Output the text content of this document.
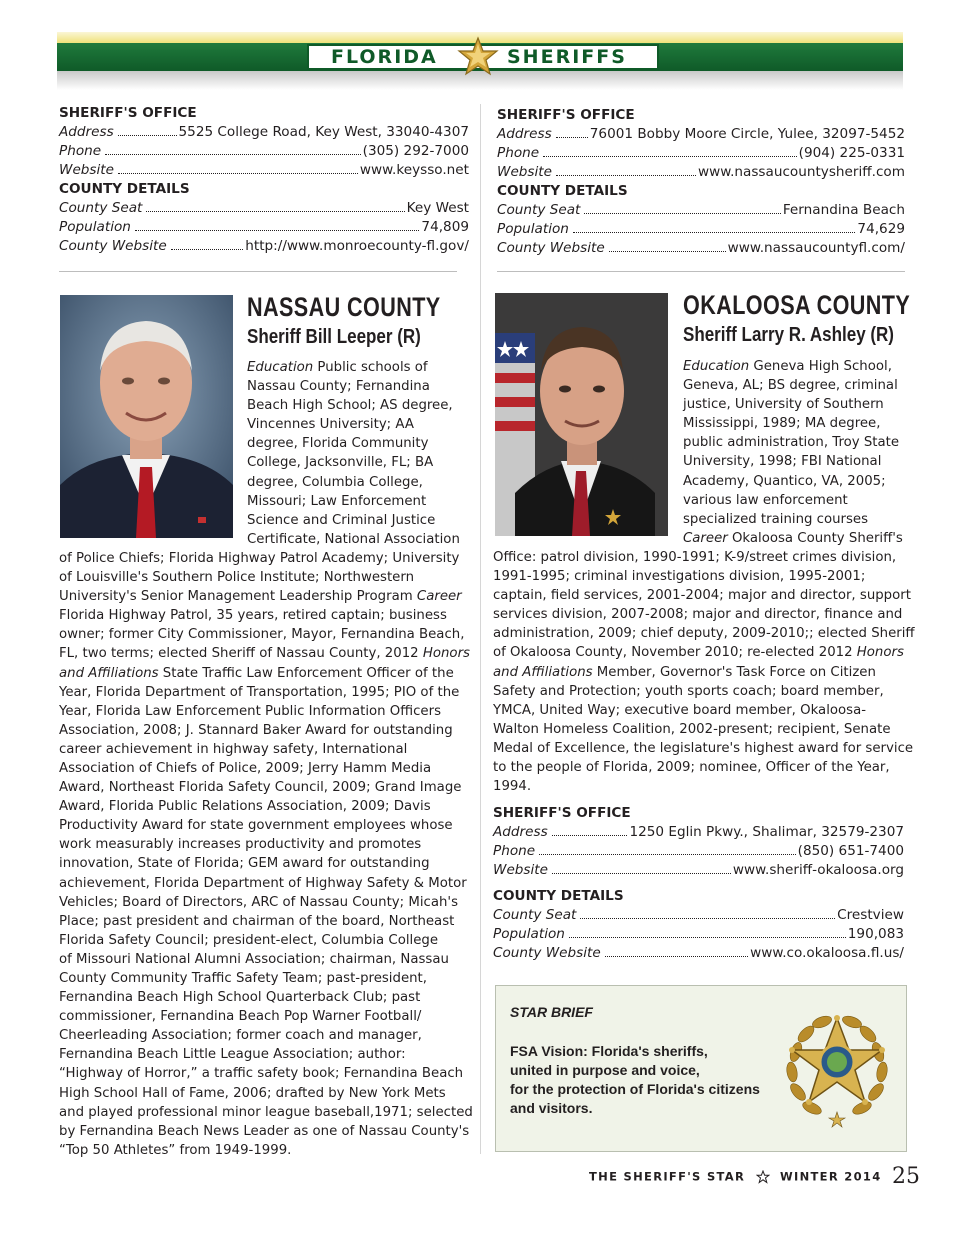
FLORIDA	SHERIFFS
SHERIFF'S OFFICE
Address	5525 College Road, Key West, 33040-4307
Phone	(305) 292-7000
Website	www.keysso.net
COUNTY DETAILS
County Seat	Key West
Population	74,809
County Website	http://www.monroecounty-fl.gov/
SHERIFF'S OFFICE
Address	76001 Bobby Moore Circle, Yulee, 32097-5452
Phone	(904) 225-0331
Website	www.nassaucountysheriff.com
COUNTY DETAILS
County Seat	Fernandina Beach
Population	74,629
County Website	www.nassaucountyfl.com/
NASSAU COUNTY
Sheriff Bill Leeper (R)
Education Public schools of
Nassau County; Fernandina
Beach High School; AS degree,
Vincennes University; AA
degree, Florida Community
College, Jacksonville, FL; BA
degree, Columbia College,
Missouri; Law Enforcement
Science and Criminal Justice
Certificate, National Association
of Police Chiefs; Florida Highway Patrol Academy; University
of Louisville's Southern Police Institute; Northwestern
University's Senior Management Leadership Program Career
Florida Highway Patrol, 35 years, retired captain; business
owner; former City Commissioner, Mayor, Fernandina Beach,
FL, two terms; elected Sheriff of Nassau County, 2012 Honors
and Affiliations State Traffic Law Enforcement Officer of the
Year, Florida Department of Transportation, 1995; PIO of the
Year, Florida Law Enforcement Public Information Officers
Association, 2008; J. Stannard Baker Award for outstanding
career achievement in highway safety, International
Association of Chiefs of Police, 2009; Jerry Hamm Media
Award, Northeast Florida Safety Council, 2009; Grand Image
Award, Florida Public Relations Association, 2009; Davis
Productivity Award for state government employees whose
work measurably increases productivity and promotes
innovation, State of Florida; GEM award for outstanding
achievement, Florida Department of Highway Safety & Motor
Vehicles; Board of Directors, ARC of Nassau County; Micah's
Place; past president and chairman of the board, Northeast
Florida Safety Council; president-elect, Columbia College
of Missouri National Alumni Association; chairman, Nassau
County Community Traffic Safety Team; past-president,
Fernandina Beach High School Quarterback Club; past
commissioner, Fernandina Beach Pop Warner Football/
Cheerleading Association; former coach and manager,
Fernandina Beach Little League Association; author:
“Highway of Horror,” a traffic safety book; Fernandina Beach
High School Hall of Fame, 2006; drafted by New York Mets
and played professional minor league baseball,1971; selected
by Fernandina Beach News Leader as one of Nassau County's
“Top 50 Athletes” from 1949-1999.
OKALOOSA COUNTY
Sheriff Larry R. Ashley (R)
Education Geneva High School,
Geneva, AL; BS degree, criminal
justice, University of Southern
Mississippi, 1989; MA degree,
public administration, Troy State
University, 1998; FBI National
Academy, Quantico, VA, 2005;
various law enforcement
specialized training courses
Career Okaloosa County Sheriff's
Office: patrol division, 1990-1991; K-9/street crimes division,
1991-1995; criminal investigations division, 1995-2001;
captain, field services, 2001-2004; major and director, support
services division, 2007-2008; major and director, finance and
administration, 2009; chief deputy, 2009-2010;; elected Sheriff
of Okaloosa County, November 2010; re-elected 2012 Honors
and Affiliations Member, Governor's Task Force on Citizen
Safety and Protection; youth sports coach; board member,
YMCA, United Way; executive board member, Okaloosa-
Walton Homeless Coalition, 2002-present; recipient, Senate
Medal of Excellence, the legislature's highest award for service
to the people of Florida, 2009; nominee, Officer of the Year,
1994.
SHERIFF'S OFFICE
Address	1250 Eglin Pkwy., Shalimar, 32579-2307
Phone	(850) 651-7400
Website	www.sheriff-okaloosa.org
COUNTY DETAILS
County Seat	Crestview
Population	190,083
County Website	www.co.okaloosa.fl.us/
STAR BRIEF
FSA Vision: Florida's sheriffs,
united in purpose and voice,
for the protection of Florida's citizens
and visitors.
THE SHERIFF'S STAR	WINTER 2014 25
